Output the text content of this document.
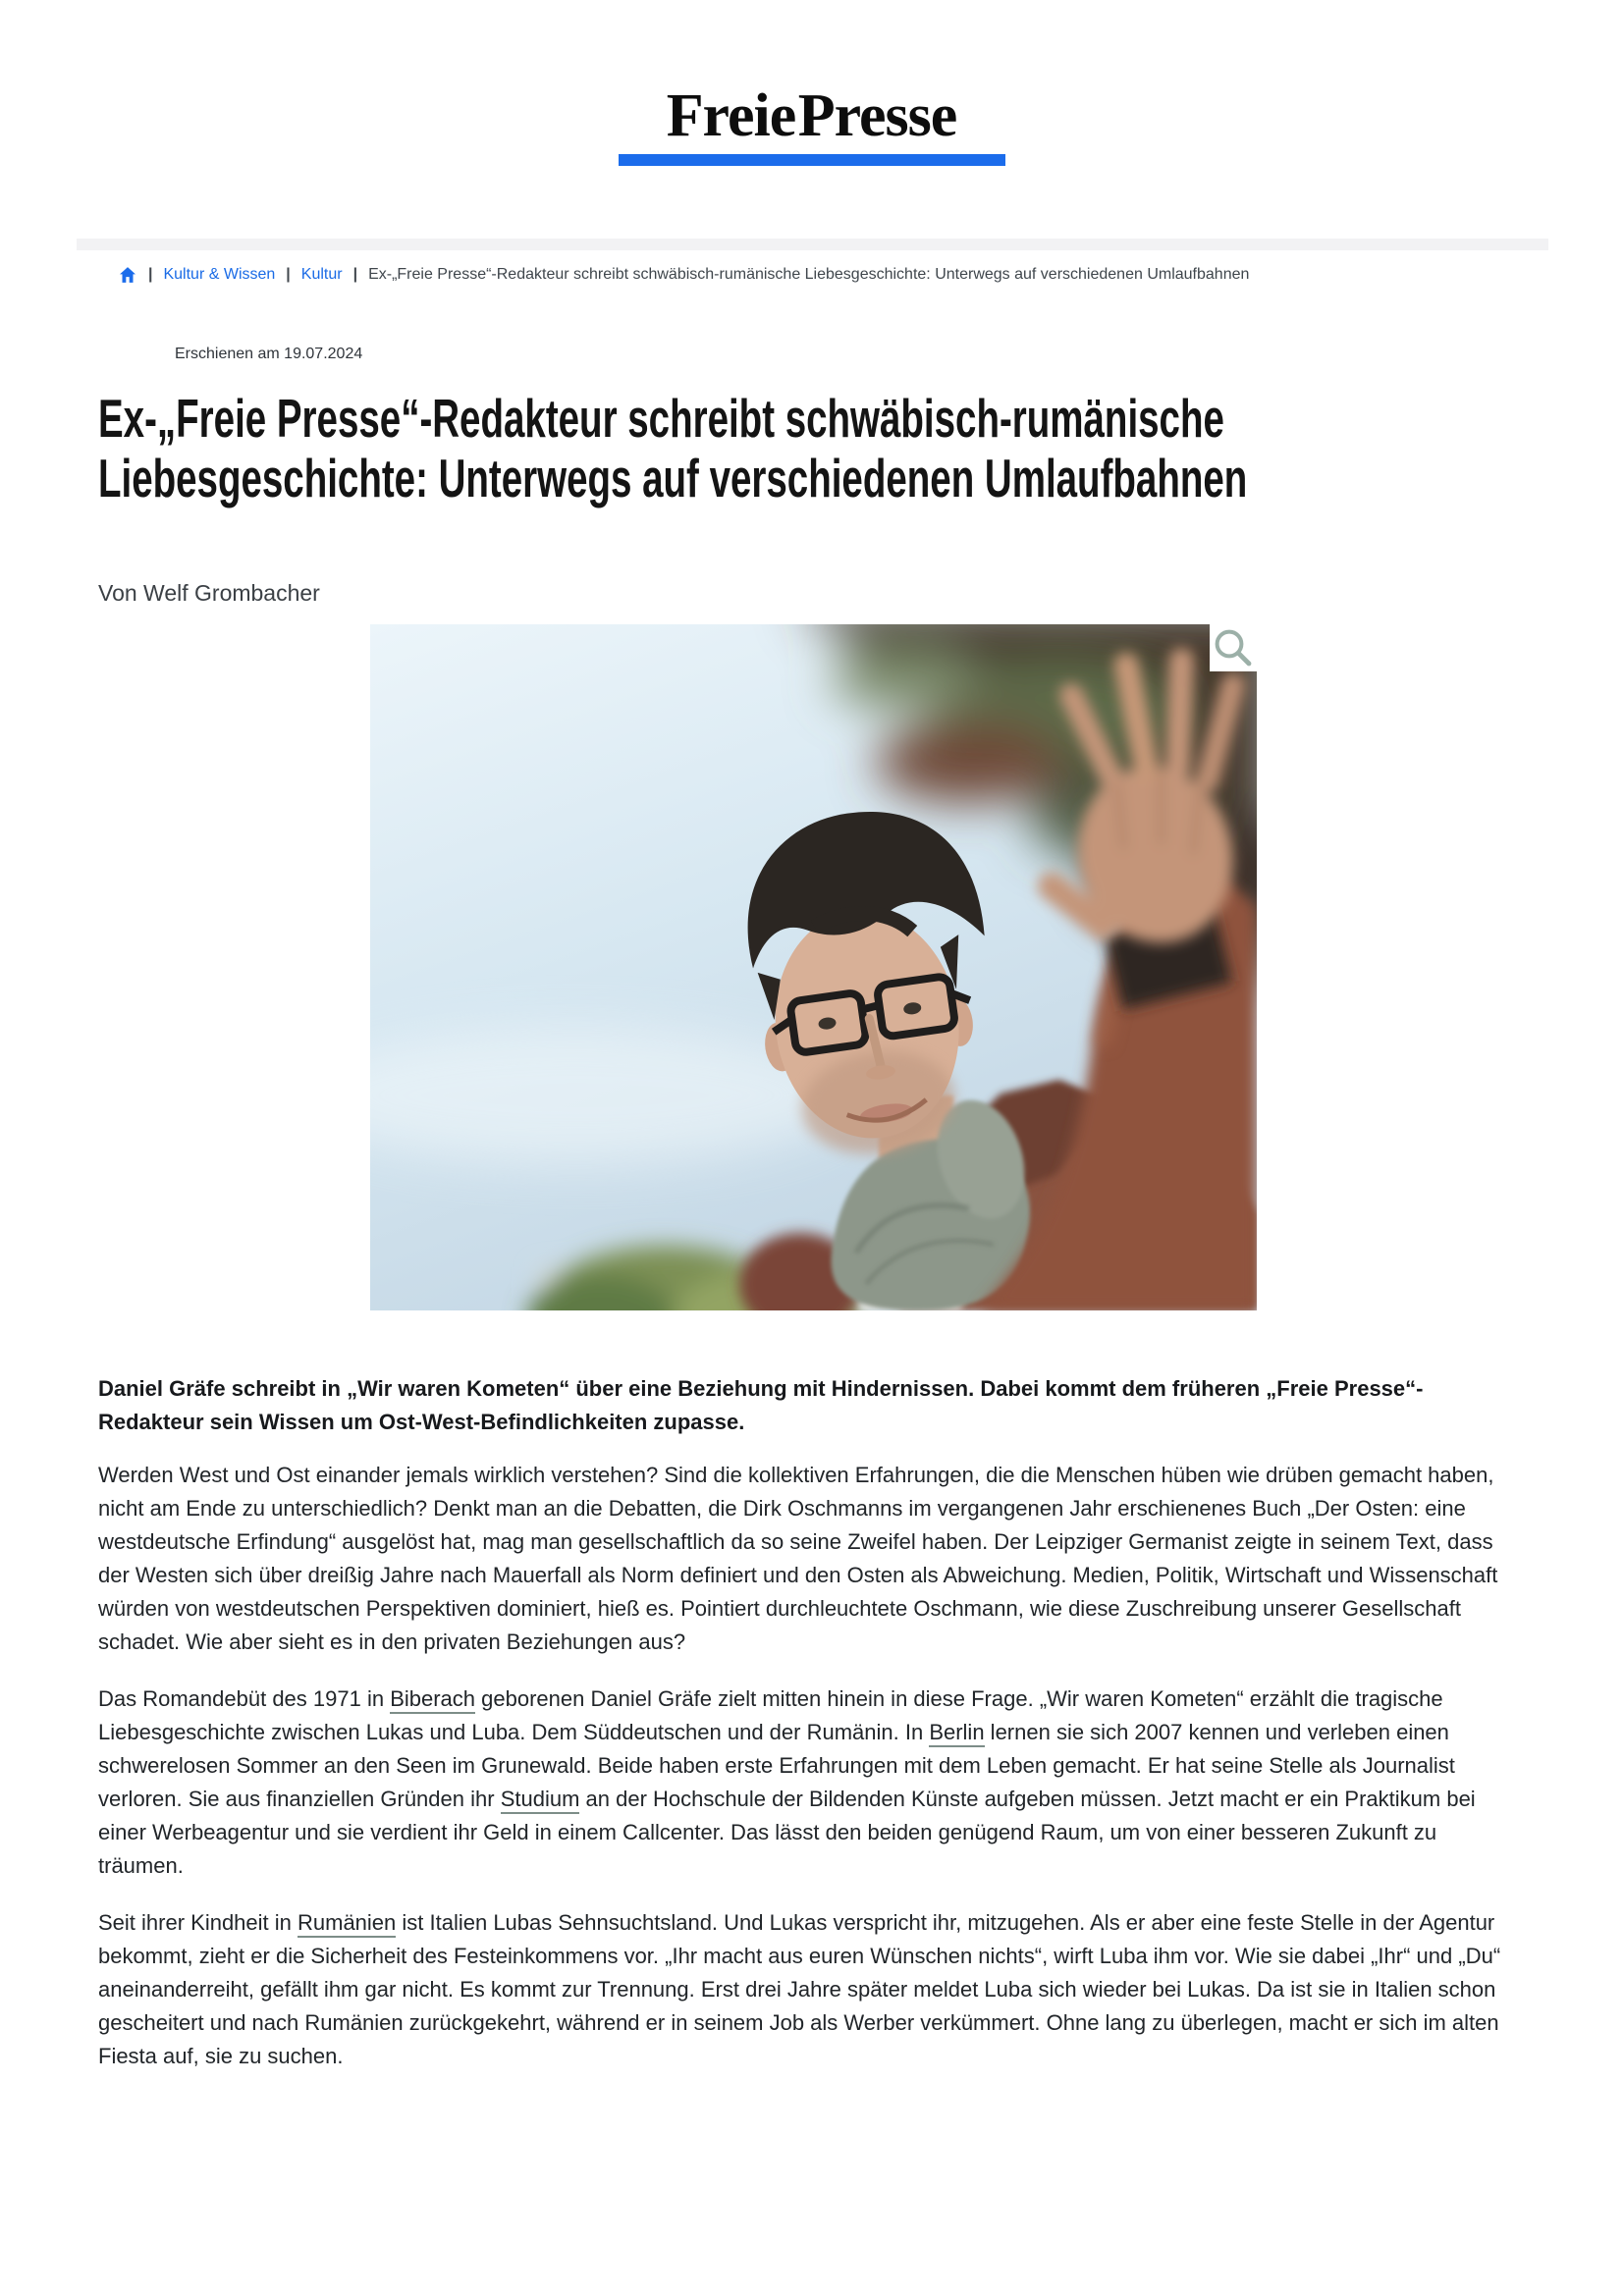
Freie Presse
| Kultur & Wissen | Kultur | Ex-„Freie Presse“-Redakteur schreibt schwäbisch-rumänische Liebesgeschichte: Unterwegs auf verschiedenen Umlaufbahnen
Erschienen am 19.07.2024
Ex-„Freie Presse“-Redakteur schreibt schwäbisch-rumänische Liebesgeschichte: Unterwegs auf verschiedenen Umlaufbahnen
Von Welf Grombacher
Daniel Gräfe schreibt in „Wir waren Kometen“ über eine Beziehung mit Hindernissen. Dabei kommt dem früheren „Freie Presse“-Redakteur sein Wissen um Ost-West-Befindlichkeiten zupasse.

Werden West und Ost einander jemals wirklich verstehen? Sind die kollektiven Erfahrungen, die die Menschen hüben wie drüben gemacht haben, nicht am Ende zu unterschiedlich? Denkt man an die Debatten, die Dirk Oschmanns im vergangenen Jahr erschienenes Buch „Der Osten: eine westdeutsche Erfindung“ ausgelöst hat, mag man gesellschaftlich da so seine Zweifel haben. Der Leipziger Germanist zeigte in seinem Text, dass der Westen sich über dreißig Jahre nach Mauerfall als Norm definiert und den Osten als Abweichung. Medien, Politik, Wirtschaft und Wissenschaft würden von westdeutschen Perspektiven dominiert, hieß es. Pointiert durchleuchtete Oschmann, wie diese Zuschreibung unserer Gesellschaft schadet. Wie aber sieht es in den privaten Beziehungen aus?

Das Romandebüt des 1971 in Biberach geborenen Daniel Gräfe zielt mitten hinein in diese Frage. „Wir waren Kometen“ erzählt die tragische Liebesgeschichte zwischen Lukas und Luba. Dem Süddeutschen und der Rumänin. In Berlin lernen sie sich 2007 kennen und verleben einen schwerelosen Sommer an den Seen im Grunewald. Beide haben erste Erfahrungen mit dem Leben gemacht. Er hat seine Stelle als Journalist verloren. Sie aus finanziellen Gründen ihr Studium an der Hochschule der Bildenden Künste aufgeben müssen. Jetzt macht er ein Praktikum bei einer Werbeagentur und sie verdient ihr Geld in einem Callcenter. Das lässt den beiden genügend Raum, um von einer besseren Zukunft zu träumen.

Seit ihrer Kindheit in Rumänien ist Italien Lubas Sehnsuchtsland. Und Lukas verspricht ihr, mitzugehen. Als er aber eine feste Stelle in der Agentur bekommt, zieht er die Sicherheit des Festeinkommens vor. „Ihr macht aus euren Wünschen nichts“, wirft Luba ihm vor. Wie sie dabei „Ihr“ und „Du“ aneinanderreiht, gefällt ihm gar nicht. Es kommt zur Trennung. Erst drei Jahre später meldet Luba sich wieder bei Lukas. Da ist sie in Italien schon gescheitert und nach Rumänien zurückgekehrt, während er in seinem Job als Werber verkümmert. Ohne lang zu überlegen, macht er sich im alten Fiesta auf, sie zu suchen.
